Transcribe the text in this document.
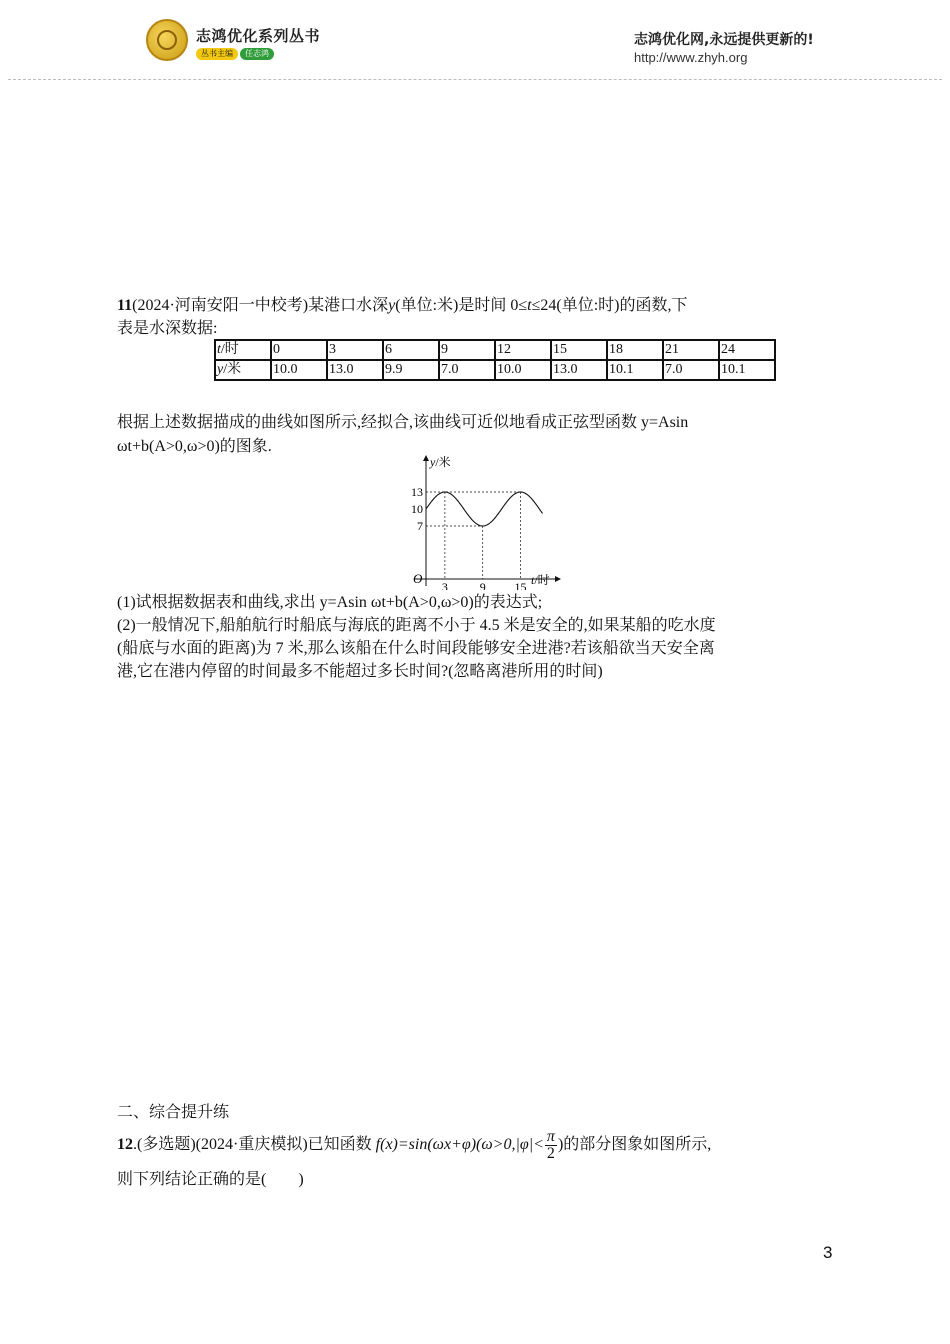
志鸿优化系列丛书
丛书主编	任志鸿
志鸿优化网,永远提供更新的!
http://www.zhyh.org
11(2024·河南安阳一中校考)某港口水深y(单位:米)是时间 0≤t≤24(单位:时)的函数,下
表是水深数据:
t/时	0	3	6	9	12	15	18	21	24
y/米	10.0	13.0	9.9	7.0	10.0	13.0	10.1	7.0	10.1
根据上述数据描成的曲线如图所示,经拟合,该曲线可近似地看成正弦型函数 y=Asin
ωt+b(A>0,ω>0)的图象.
3	9 15
13
10
7
y/米
t/时
O
(1)试根据数据表和曲线,求出 y=Asin ωt+b(A>0,ω>0)的表达式;
(2)一般情况下,船舶航行时船底与海底的距离不小于 4.5 米是安全的,如果某船的吃水度
(船底与水面的距离)为 7 米,那么该船在什么时间段能够安全进港?若该船欲当天安全离
港,它在港内停留的时间最多不能超过多长时间?(忽略离港所用的时间)
二、综合提升练
12.(多选题)(2024·重庆模拟)已知函数 $f(x)=\sin(\omega x+\varphi)(\omega>0,|\varphi|< \frac{\pi}{2}$ )的部分图象如图所示,
则下列结论正确的是(　　)
3
